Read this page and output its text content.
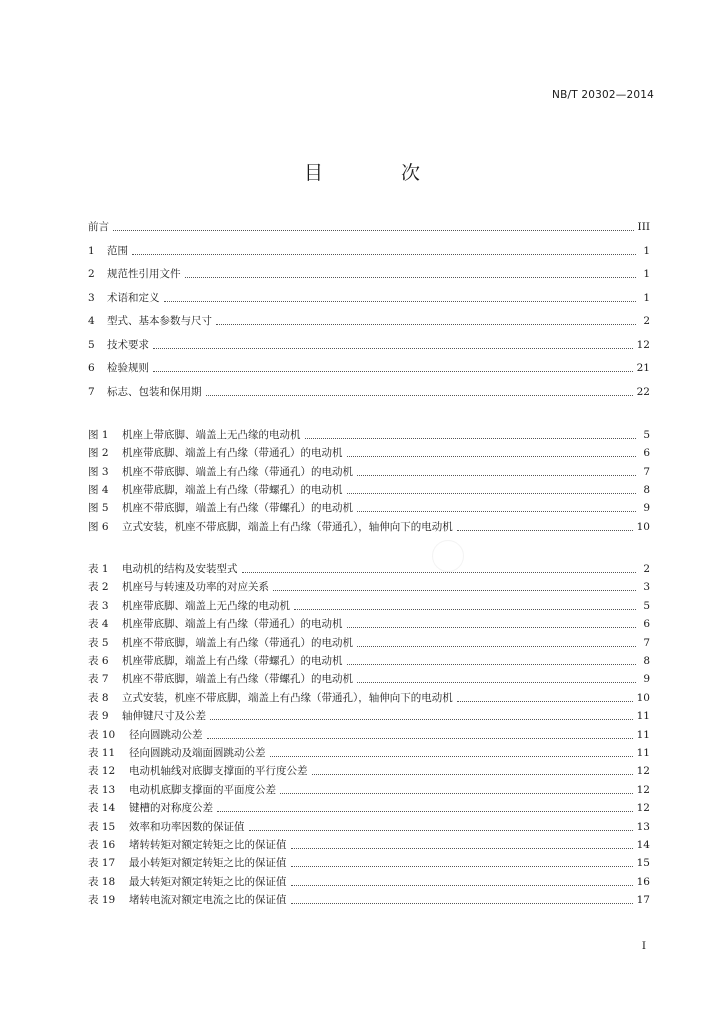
NB/T 20302—2014
目 次
前言	III
1	范围	1
2	规范性引用文件	1
3	术语和定义	1
4	型式、基本参数与尺寸	2
5	技术要求	12
6	检验规则	21
7	标志、包装和保用期	22
图 1	机座上带底脚、端盖上无凸缘的电动机	5
图 2	机座带底脚、端盖上有凸缘（带通孔）的电动机	6
图 3	机座不带底脚、端盖上有凸缘（带通孔）的电动机	7
图 4	机座带底脚，端盖上有凸缘（带螺孔）的电动机	8
图 5	机座不带底脚，端盖上有凸缘（带螺孔）的电动机	9
图 6	立式安装，机座不带底脚，端盖上有凸缘（带通孔），轴伸向下的电动机	10
表 1	电动机的结构及安装型式	2
表 2	机座号与转速及功率的对应关系	3
表 3	机座带底脚、端盖上无凸缘的电动机	5
表 4	机座带底脚、端盖上有凸缘（带通孔）的电动机	6
表 5	机座不带底脚，端盖上有凸缘（带通孔）的电动机	7
表 6	机座带底脚，端盖上有凸缘（带螺孔）的电动机	8
表 7	机座不带底脚，端盖上有凸缘（带螺孔）的电动机	9
表 8	立式安装，机座不带底脚，端盖上有凸缘（带通孔），轴伸向下的电动机	10
表 9	轴伸键尺寸及公差	11
表 10	径向圆跳动公差	11
表 11	径向圆跳动及端面圆跳动公差	11
表 12	电动机轴线对底脚支撑面的平行度公差	12
表 13	电动机底脚支撑面的平面度公差	12
表 14	键槽的对称度公差	12
表 15	效率和功率因数的保证值	13
表 16	堵转转矩对额定转矩之比的保证值	14
表 17	最小转矩对额定转矩之比的保证值	15
表 18	最大转矩对额定转矩之比的保证值	16
表 19	堵转电流对额定电流之比的保证值	17
I
